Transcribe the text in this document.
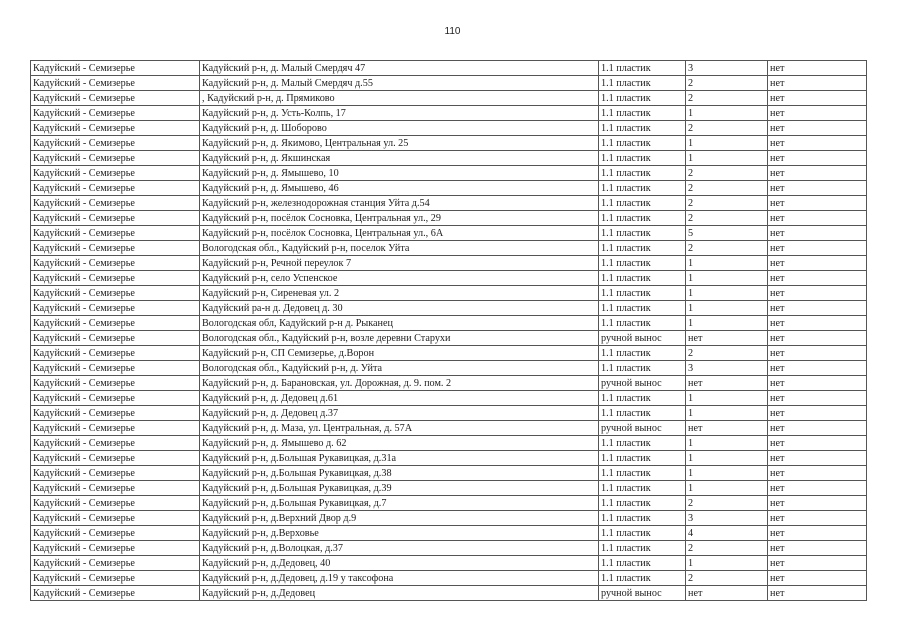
110
Кадуйский - Семизерье	Кадуйский р-н, д. Малый Смердяч 47	1.1 пластик	3	нет
Кадуйский - Семизерье	Кадуйский р-н, д. Малый Смердяч д.55	1.1 пластик	2	нет
Кадуйский - Семизерье	, Кадуйский р-н, д. Прямиково	1.1 пластик	2	нет
Кадуйский - Семизерье	Кадуйский р-н, д. Усть-Колпь, 17	1.1 пластик	1	нет
Кадуйский - Семизерье	Кадуйский р-н, д. Шоборово	1.1 пластик	2	нет
Кадуйский - Семизерье	Кадуйский р-н, д. Якимово, Центральная ул. 25	1.1 пластик	1	нет
Кадуйский - Семизерье	Кадуйский р-н, д. Якшинская	1.1 пластик	1	нет
Кадуйский - Семизерье	Кадуйский р-н, д. Ямышево, 10	1.1 пластик	2	нет
Кадуйский - Семизерье	Кадуйский р-н, д. Ямышево, 46	1.1 пластик	2	нет
Кадуйский - Семизерье	Кадуйский р-н, железнодорожная станция Уйта д.54	1.1 пластик	2	нет
Кадуйский - Семизерье	Кадуйский р-н, посёлок Сосновка, Центральная ул., 29	1.1 пластик	2	нет
Кадуйский - Семизерье	Кадуйский р-н, посёлок Сосновка, Центральная ул., 6А	1.1 пластик	5	нет
Кадуйский - Семизерье	Вологодская обл., Кадуйский р-н, поселок Уйта	1.1 пластик	2	нет
Кадуйский - Семизерье	Кадуйский р-н, Речной переулок 7	1.1 пластик	1	нет
Кадуйский - Семизерье	Кадуйский р-н, село Успенское	1.1 пластик	1	нет
Кадуйский - Семизерье	Кадуйский р-н, Сиреневая ул. 2	1.1 пластик	1	нет
Кадуйский - Семизерье	Кадуйский ра-н д. Дедовец д. 30	1.1 пластик	1	нет
Кадуйский - Семизерье	Вологодская обл, Кадуйский р-н д. Рыканец	1.1 пластик	1	нет
Кадуйский - Семизерье	Вологодская обл., Кадуйский р-н, возле деревни Старухи	ручной вынос	нет	нет
Кадуйский - Семизерье	Кадуйский р-н, СП Семизерье, д.Ворон	1.1 пластик	2	нет
Кадуйский - Семизерье	Вологодская обл., Кадуйский р-н, д. Уйта	1.1 пластик	3	нет
Кадуйский - Семизерье	Кадуйский р-н, д. Барановская, ул. Дорожная, д. 9. пом. 2	ручной вынос	нет	нет
Кадуйский - Семизерье	Кадуйский р-н, д. Дедовец д.61	1.1 пластик	1	нет
Кадуйский - Семизерье	Кадуйский р-н, д. Дедовец д.37	1.1 пластик	1	нет
Кадуйский - Семизерье	Кадуйский р-н, д. Маза, ул. Центральная, д. 57А	ручной вынос	нет	нет
Кадуйский - Семизерье	Кадуйский р-н, д. Ямышево д. 62	1.1 пластик	1	нет
Кадуйский - Семизерье	Кадуйский р-н, д.Большая Рукавицкая, д.31а	1.1 пластик	1	нет
Кадуйский - Семизерье	Кадуйский р-н, д.Большая Рукавицкая, д.38	1.1 пластик	1	нет
Кадуйский - Семизерье	Кадуйский р-н, д.Большая Рукавицкая, д.39	1.1 пластик	1	нет
Кадуйский - Семизерье	Кадуйский р-н, д.Большая Рукавицкая, д.7	1.1 пластик	2	нет
Кадуйский - Семизерье	Кадуйский р-н, д.Верхний Двор д.9	1.1 пластик	3	нет
Кадуйский - Семизерье	Кадуйский р-н, д.Верховье	1.1 пластик	4	нет
Кадуйский - Семизерье	Кадуйский р-н, д.Волоцкая, д.37	1.1 пластик	2	нет
Кадуйский - Семизерье	Кадуйский р-н, д.Дедовец, 40	1.1 пластик	1	нет
Кадуйский - Семизерье	Кадуйский р-н, д.Дедовец, д.19 у таксофона	1.1 пластик	2	нет
Кадуйский - Семизерье	Кадуйский р-н, д.Дедовец	ручной вынос	нет	нет
